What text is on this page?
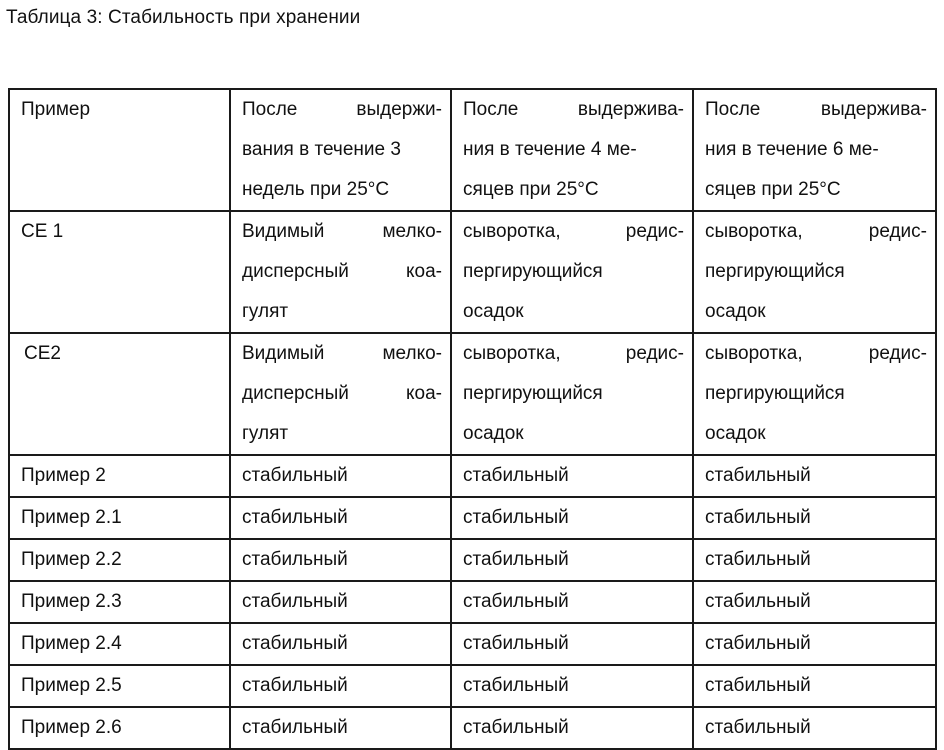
Таблица 3: Стабильность при хранении
Пример	После выдержи-
вания в течение 3
недель при 25°С	После выдержива-
ния в течение 4 ме-
сяцев при 25°С	После выдержива-
ния в течение 6 ме-
сяцев при 25°С

СЕ 1	Видимый мелко-
дисперсный коа-
гулят	сыворотка, редис-
пергирующийся
осадок	сыворотка, редис-
пергирующийся
осадок

СЕ2	Видимый мелко-
дисперсный коа-
гулят	сыворотка, редис-
пергирующийся
осадок	сыворотка, редис-
пергирующийся
осадок

Пример 2	стабильный	стабильный	стабильный
Пример 2.1	стабильный	стабильный	стабильный
Пример 2.2	стабильный	стабильный	стабильный
Пример 2.3	стабильный	стабильный	стабильный
Пример 2.4	стабильный	стабильный	стабильный
Пример 2.5	стабильный	стабильный	стабильный
Пример 2.6	стабильный	стабильный	стабильный
